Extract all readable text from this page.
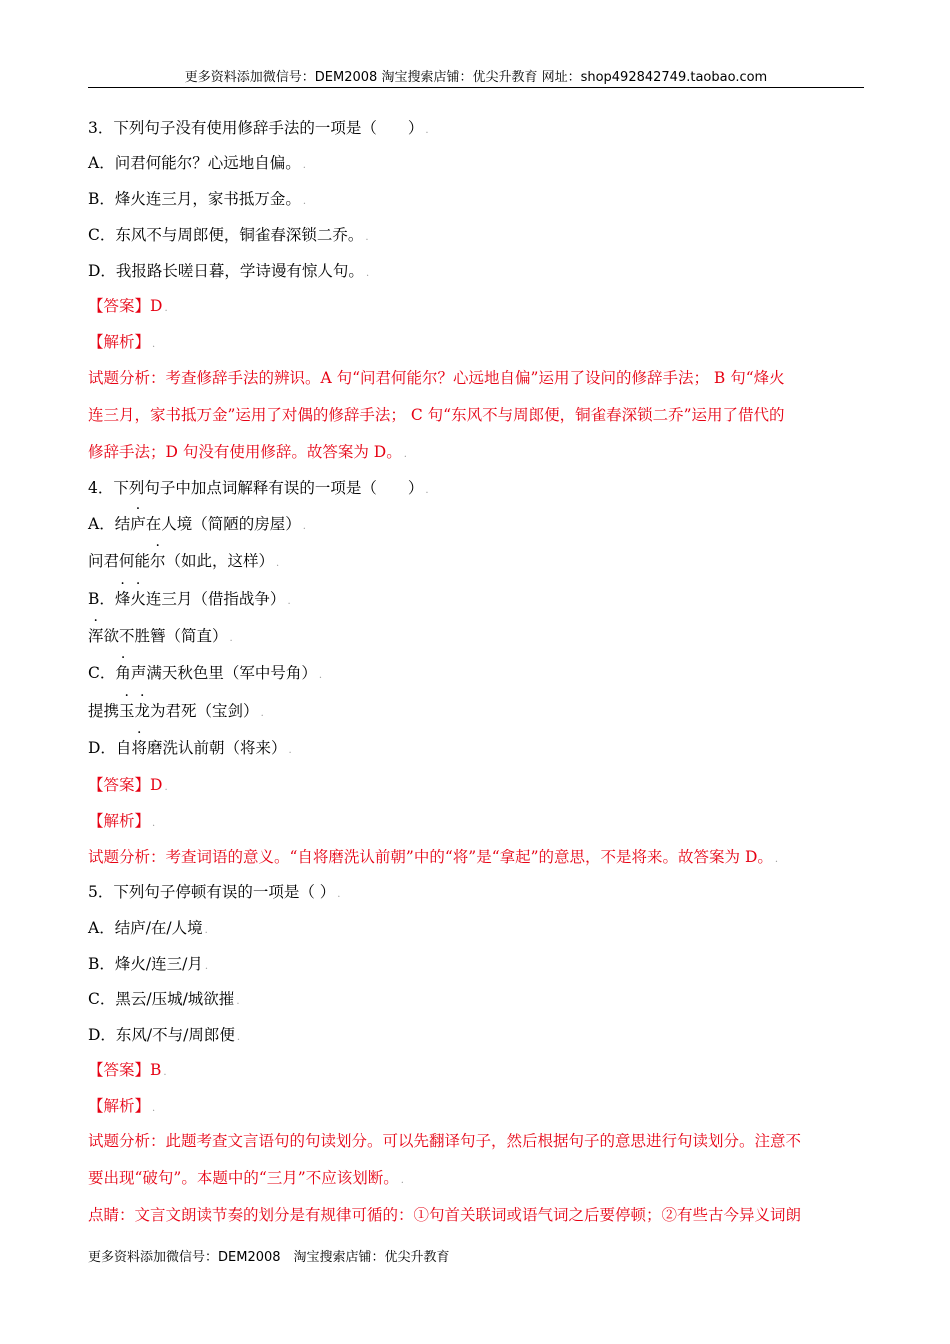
更多资料添加微信号：DEM2008 淘宝搜索店铺：优尖升教育 网址：shop492842749.taobao.com
3．下列句子没有使用修辞手法的一项是（　　） .
A．问君何能尔？心远地自偏。 .
B．烽火连三月，家书抵万金。 .
C．东风不与周郎便，铜雀春深锁二乔。 .
D．我报路长嗟日暮，学诗谩有惊人句。 .
【答案】D .
【解析】 .
试题分析：考查修辞手法的辨识。A 句“问君何能尔？心远地自偏”运用了设问的修辞手法； B 句“烽火
连三月，家书抵万金”运用了对偶的修辞手法； C 句“东风不与周郎便，铜雀春深锁二乔”运用了借代的
修辞手法；D 句没有使用修辞。故答案为 D。 .
4．下列句子中加点词解释有误的一项是（　　） .
A．结庐在人境（简陋的房屋） .
问君何能尔（如此，这样） .
B．烽火连三月（借指战争） .
浑欲不胜簪（简直） .
C．角声满天秋色里（军中号角） .
提携玉龙为君死（宝剑） .
D．自将磨洗认前朝（将来） .
【答案】D .
【解析】 .
试题分析：考查词语的意义。“自将磨洗认前朝”中的“将”是“拿起”的意思，不是将来。故答案为 D。 .
5．下列句子停顿有误的一项是（ ） .
A．结庐/在/人境 .
B．烽火/连三/月 .
C．黑云/压城/城欲摧 .
D．东风/不与/周郎便 .
【答案】B .
【解析】 .
试题分析：此题考查文言语句的句读划分。可以先翻译句子，然后根据句子的意思进行句读划分。注意不
要出现“破句”。本题中的“三月”不应该划断。 .
点睛：文言文朗读节奏的划分是有规律可循的：①句首关联词或语气词之后要停顿；②有些古今异义词朗
更多资料添加微信号：DEM2008　淘宝搜索店铺：优尖升教育
